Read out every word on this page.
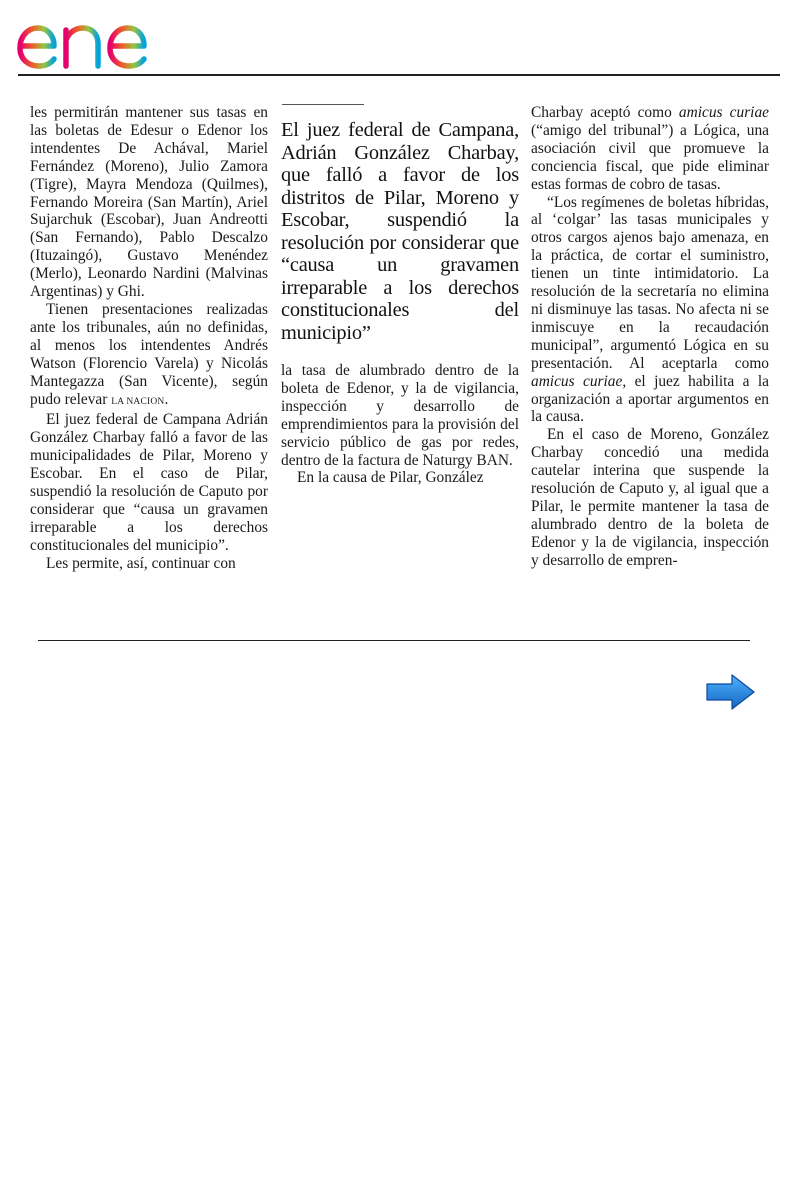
les permitirán mantener sus tasas en las boletas de Edesur o Edenor los intendentes De Achával, Mariel Fernández (Moreno), Julio Zamora (Tigre), Mayra Mendoza (Quilmes), Fernando Moreira (San Martín), Ariel Sujarchuk (Escobar), Juan Andreotti (San Fernando), Pablo Descalzo (Ituzaingó), Gustavo Menéndez (Merlo), Leonardo Nardini (Malvinas Argentinas) y Ghi.

Tienen presentaciones realizadas ante los tribunales, aún no definidas, al menos los intendentes Andrés Watson (Florencio Varela) y Nicolás Mantegazza (San Vicente), según pudo relevar LA NACION.

El juez federal de Campana Adrián González Charbay falló a favor de las municipalidades de Pilar, Moreno y Escobar. En el caso de Pilar, suspendió la resolución de Caputo por considerar que “causa un gravamen irreparable a los derechos constitucionales del municipio”.

Les permite, así, continuar con

El juez federal de Campana, Adrián González Charbay, que falló a favor de los distritos de Pilar, Moreno y Escobar, suspendió la resolución por considerar que “causa un gravamen irreparable a los derechos constitucionales del municipio”

la tasa de alumbrado dentro de la boleta de Edenor, y la de vigilancia, inspección y desarrollo de emprendimientos para la provisión del servicio público de gas por redes, dentro de la factura de Naturgy BAN.

En la causa de Pilar, González

Charbay aceptó como amicus curiae (“amigo del tribunal”) a Lógica, una asociación civil que promueve la conciencia fiscal, que pide eliminar estas formas de cobro de tasas.

“Los regímenes de boletas híbridas, al ‘colgar’ las tasas municipales y otros cargos ajenos bajo amenaza, en la práctica, de cortar el suministro, tienen un tinte intimidatorio. La resolución de la secretaría no elimina ni disminuye las tasas. No afecta ni se inmiscuye en la recaudación municipal”, argumentó Lógica en su presentación. Al aceptarla como amicus curiae, el juez habilita a la organización a aportar argumentos en la causa.

En el caso de Moreno, González Charbay concedió una medida cautelar interina que suspende la resolución de Caputo y, al igual que a Pilar, le permite mantener la tasa de alumbrado dentro de la boleta de Edenor y la de vigilancia, inspección y desarrollo de empren-
